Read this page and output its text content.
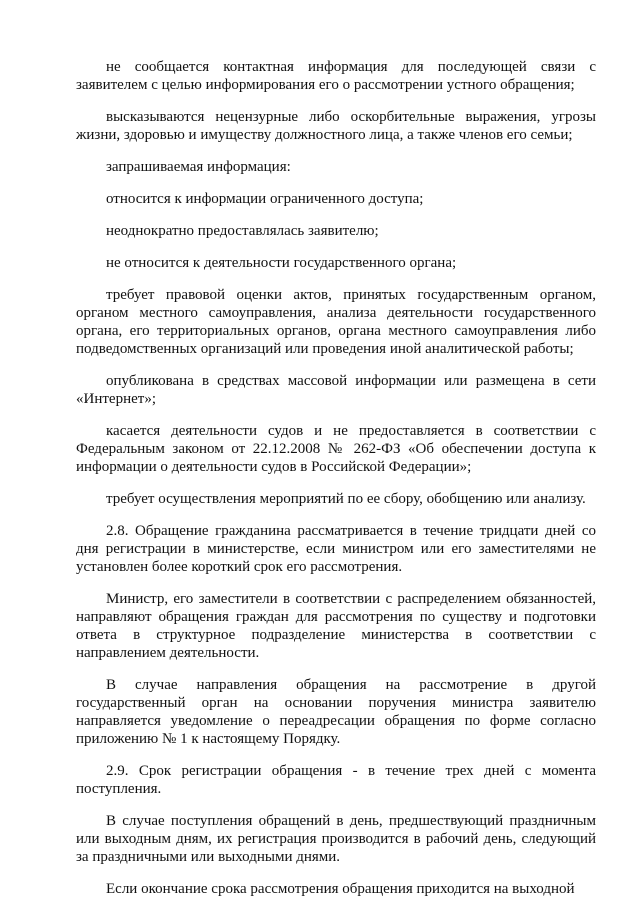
не сообщается контактная информация для последующей связи с заявителем с целью информирования его о рассмотрении устного обращения;

высказываются нецензурные либо оскорбительные выражения, угрозы жизни, здоровью и имуществу должностного лица, а также членов его семьи;

запрашиваемая информация:

относится к информации ограниченного доступа;

неоднократно предоставлялась заявителю;

не относится к деятельности государственного органа;

требует правовой оценки актов, принятых государственным органом, органом местного самоуправления, анализа деятельности государственного органа, его территориальных органов, органа местного самоуправления либо подведомственных организаций или проведения иной аналитической работы;

опубликована в средствах массовой информации или размещена в сети «Интернет»;

касается деятельности судов и не предоставляется в соответствии с Федеральным законом от 22.12.2008 № 262-ФЗ «Об обеспечении доступа к информации о деятельности судов в Российской Федерации»;

требует осуществления мероприятий по ее сбору, обобщению или анализу.

2.8. Обращение гражданина рассматривается в течение тридцати дней со дня регистрации в министерстве, если министром или его заместителями не установлен более короткий срок его рассмотрения.

Министр, его заместители в соответствии с распределением обязанностей, направляют обращения граждан для рассмотрения по существу и подготовки ответа в структурное подразделение министерства в соответствии с направлением деятельности.

В случае направления обращения на рассмотрение в другой государственный орган на основании поручения министра заявителю направляется уведомление о переадресации обращения по форме согласно приложению № 1 к настоящему Порядку.

2.9. Срок регистрации обращения - в течение трех дней с момента поступления.

В случае поступления обращений в день, предшествующий праздничным или выходным дням, их регистрация производится в рабочий день, следующий за праздничными или выходными днями.

Если окончание срока рассмотрения обращения приходится на выходной
